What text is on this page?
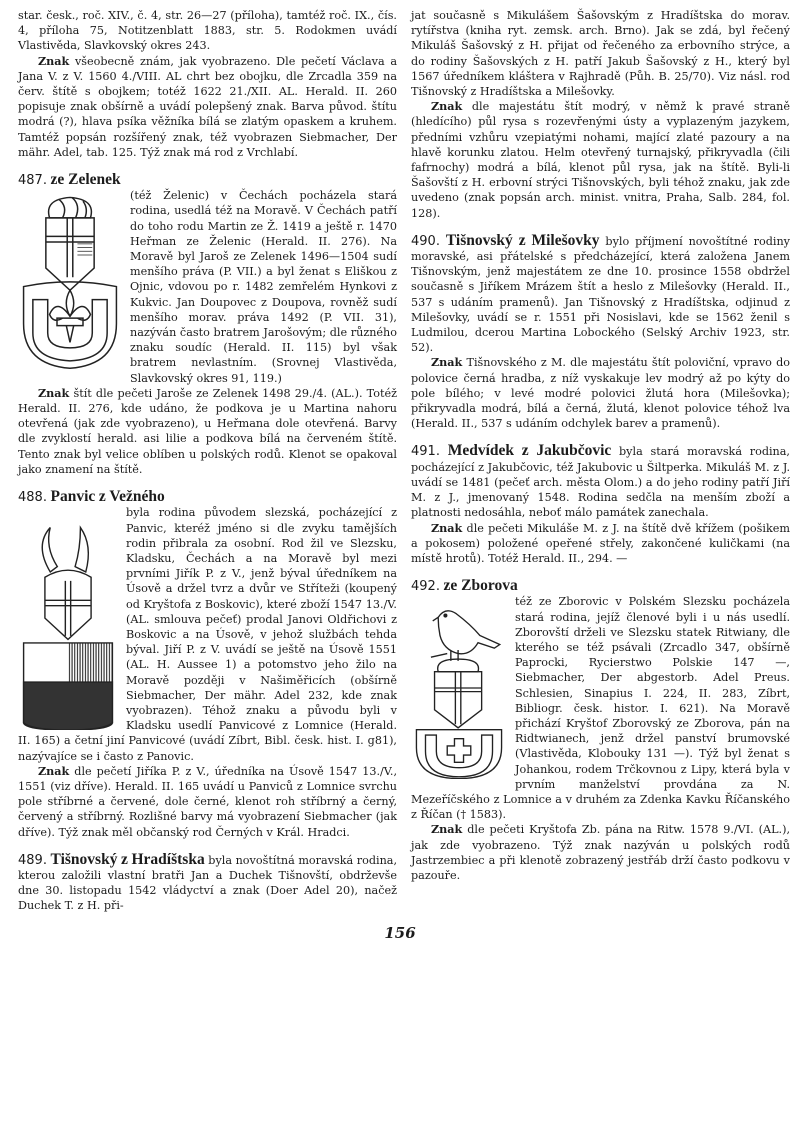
star. česk., roč. XIV., č. 4, str. 26—27 (příloha), tamtéž roč. IX., čís. 4, příloha 75, Notitzenblatt 1883, str. 5. Rodokmen uvádí Vlastivěda, Slavkovský okres 243.

Znak všeobecně znám, jak vyobrazeno. Dle pečetí Václava a Jana V. z V. 1560 4./VIII. AL chrt bez obojku, dle Zrcadla 359 na červ. štítě s obojkem; totéž 1622 21./XII. AL. Herald. II. 260 popisuje znak obšírně a uvádí polepšený znak. Barva původ. štítu modrá (?), hlava psíka věžníka bílá se zlatým opaskem a kruhem. Tamtéž popsán rozšířený znak, též vyobrazen Siebmacher, Der mähr. Adel, tab. 125. Týž znak má rod z Vrchlabí.

487. ze Zelenek

(též Želenic) v Čechách pocházela stará rodina, usedlá též na Moravě. V Čechách patří do toho rodu Martin ze Ž. 1419 a ještě r. 1470 Heřman ze Želenic (Herald. II. 276). Na Moravě byl Jaroš ze Zelenek 1496—1504 sudí menšího práva (P. VII.) a byl ženat s Eliškou z Ojnic, vdovou po r. 1482 zemřelém Hynkovi z Kukvic. Jan Doupovec z Doupova, rovněž sudí menšího morav. práva 1492 (P. VII. 31), nazýván často bratrem Jarošovým; dle různého znaku soudíc (Herald. II. 115) byl však bratrem nevlastním. (Srovnej Vlastivěda, Slavkovský okres 91, 119.)

Znak štít dle pečeti Jaroše ze Zelenek 1498 29./4. (AL.). Totéž Herald. II. 276, kde udáno, že podkova je u Martina nahoru otevřená (jak zde vyobrazeno), u Heřmana dole otevřená. Barvy dle zvyklostí herald. asi lilie a podkova bílá na červeném štítě. Tento znak byl velice oblíben u polských rodů. Klenot se opakoval jako znamení na štítě.

488. Panvic z Vežného

byla rodina původem slezská, pocházející z Panvic, kteréž jméno si dle zvyku tamějších rodin přibrala za osobní. Rod žil ve Slezsku, Kladsku, Čechách a na Moravě byl mezi prvními Jiřík P. z V., jenž býval úředníkem na Úsově a držel tvrz a dvůr ve Stříteži (koupený od Kryštofa z Boskovic), které zboží 1547 13./V. (AL. smlouva pečeť) prodal Janovi Oldřichovi z Boskovic a na Úsově, v jehož službách tehda býval. Jiří P. z V. uvádí se ještě na Úsově 1551 (AL. H. Aussee 1) a potomstvo jeho žilo na Moravě později v Našiměřicích (obšírně Siebmacher, Der mähr. Adel 232, kde znak vyobrazen). Téhož znaku a původu byli v Kladsku usedlí Panvicové z Lomnice (Herald. II. 165) a četní jiní Panvicové (uvádí Zíbrt, Bibl. česk. hist. I. g81), nazývajíce se i často z Panovic.

Znak dle pečetí Jiříka P. z V., úředníka na Úsově 1547 13./V., 1551 (viz dříve). Herald. II. 165 uvádí u Panviců z Lomnice svrchu pole stříbrné a červené, dole černé, klenot roh stříbrný a černý, červený a stříbrný. Rozlišné barvy má vyobrazení Siebmacher (jak dříve). Týž znak měl občanský rod Černých v Král. Hradci.

489. Tišnovský z Hradíštska byla novoštítná moravská rodina, kterou založili vlastní bratři Jan a Duchek Tišnovští, obdrževše dne 30. listopadu 1542 vládyctví a znak (Doer Adel 20), načež Duchek T. z H. při-

jat současně s Mikulášem Šašovským z Hradíštska do morav. rytířstva (kniha ryt. zemsk. arch. Brno). Jak se zdá, byl řečený Mikuláš Šašovský z H. přijat od řečeného za erbovního strýce, a do rodiny Šašovských z H. patří Jakub Šašovský z H., který byl 1567 úředníkem kláštera v Rajhradě (Půh. B. 25/70). Viz násl. rod Tišnovský z Hradíštska a Milešovky.

Znak dle majestátu štít modrý, v němž k pravé straně (hledícího) půl rysa s rozevřenými ústy a vyplazeným jazykem, předními vzhůru vzepiatými nohami, mající zlaté pazoury a na hlavě korunku zlatou. Helm otevřený turnajský, přikryvadla (čili fafrnochy) modrá a bílá, klenot půl rysa, jak na štítě. Byli-li Šašovští z H. erbovní strýci Tišnovských, byli téhož znaku, jak zde uvedeno (znak popsán arch. minist. vnitra, Praha, Salb. 284, fol. 128).

490. Tišnovský z Milešovky bylo příjmení novoštítné rodiny moravské, asi přátelské s předcházející, která založena Janem Tišnovským, jenž majestátem ze dne 10. prosince 1558 obdržel současně s Jiříkem Mrázem štít a heslo z Milešovky (Herald. II., 537 s udáním pramenů). Jan Tišnovský z Hradíštska, odjinud z Milešovky, uvádí se r. 1551 při Nosislavi, kde se 1562 ženil s Ludmilou, dcerou Martina Lobockého (Selský Archiv 1923, str. 52).

Znak Tišnovského z M. dle majestátu štít poloviční, vpravo do polovice černá hradba, z níž vyskakuje lev modrý až po kýty do pole bílého; v levé modré polovici žlutá hora (Milešovka); přikryvadla modrá, bílá a černá, žlutá, klenot polovice téhož lva (Herald. II., 537 s udáním odchylek barev a pramenů).

491. Medvídek z Jakubčovic byla stará moravská rodina, pocházející z Jakubčovic, též Jakubovic u Šiltperka. Mikuláš M. z J. uvádí se 1481 (pečeť arch. města Olom.) a do jeho rodiny patří Jiří M. z J., jmenovaný 1548. Rodina sedčla na menším zboží a platnosti nedosáhla, neboť málo památek zanechala.

Znak dle pečeti Mikuláše M. z J. na štítě dvě křížem (pošikem a pokosem) položené opeřené střely, zakončené kuličkami (na místě hrotů). Totéž Herald. II., 294. —

492. ze Zborova

též ze Zborovic v Polském Slezsku pocházela stará rodina, jejíž členové byli i u nás usedlí. Zborovští drželi ve Slezsku statek Ritwiany, dle kterého se též psávali (Zrcadlo 347, obšírně Paprocki, Rycierstwo Polskie 147 —, Siebmacher, Der abgestorb. Adel Preus. Schlesien, Sinapius I. 224, II. 283, Zíbrt, Bibliogr. česk. histor. I. 621). Na Moravě přichází Kryštof Zborovský ze Zborova, pán na Ridtwianech, jenž držel panství brumovské (Vlastivěda, Klobouky 131 —). Týž byl ženat s Johankou, rodem Trčkovnou z Lipy, která byla v prvním manželství provdána za N. Mezeříčského z Lomnice a v druhém za Zdenka Kavku Říčanského z Říčan († 1583).

Znak dle pečeti Kryštofa Zb. pána na Ritw. 1578 9./VI. (AL.), jak zde vyobrazeno. Týž znak nazýván u polských rodů Jastrzembiec a při klenotě zobrazený jestřáb drží často podkovu v pazouře.

156
